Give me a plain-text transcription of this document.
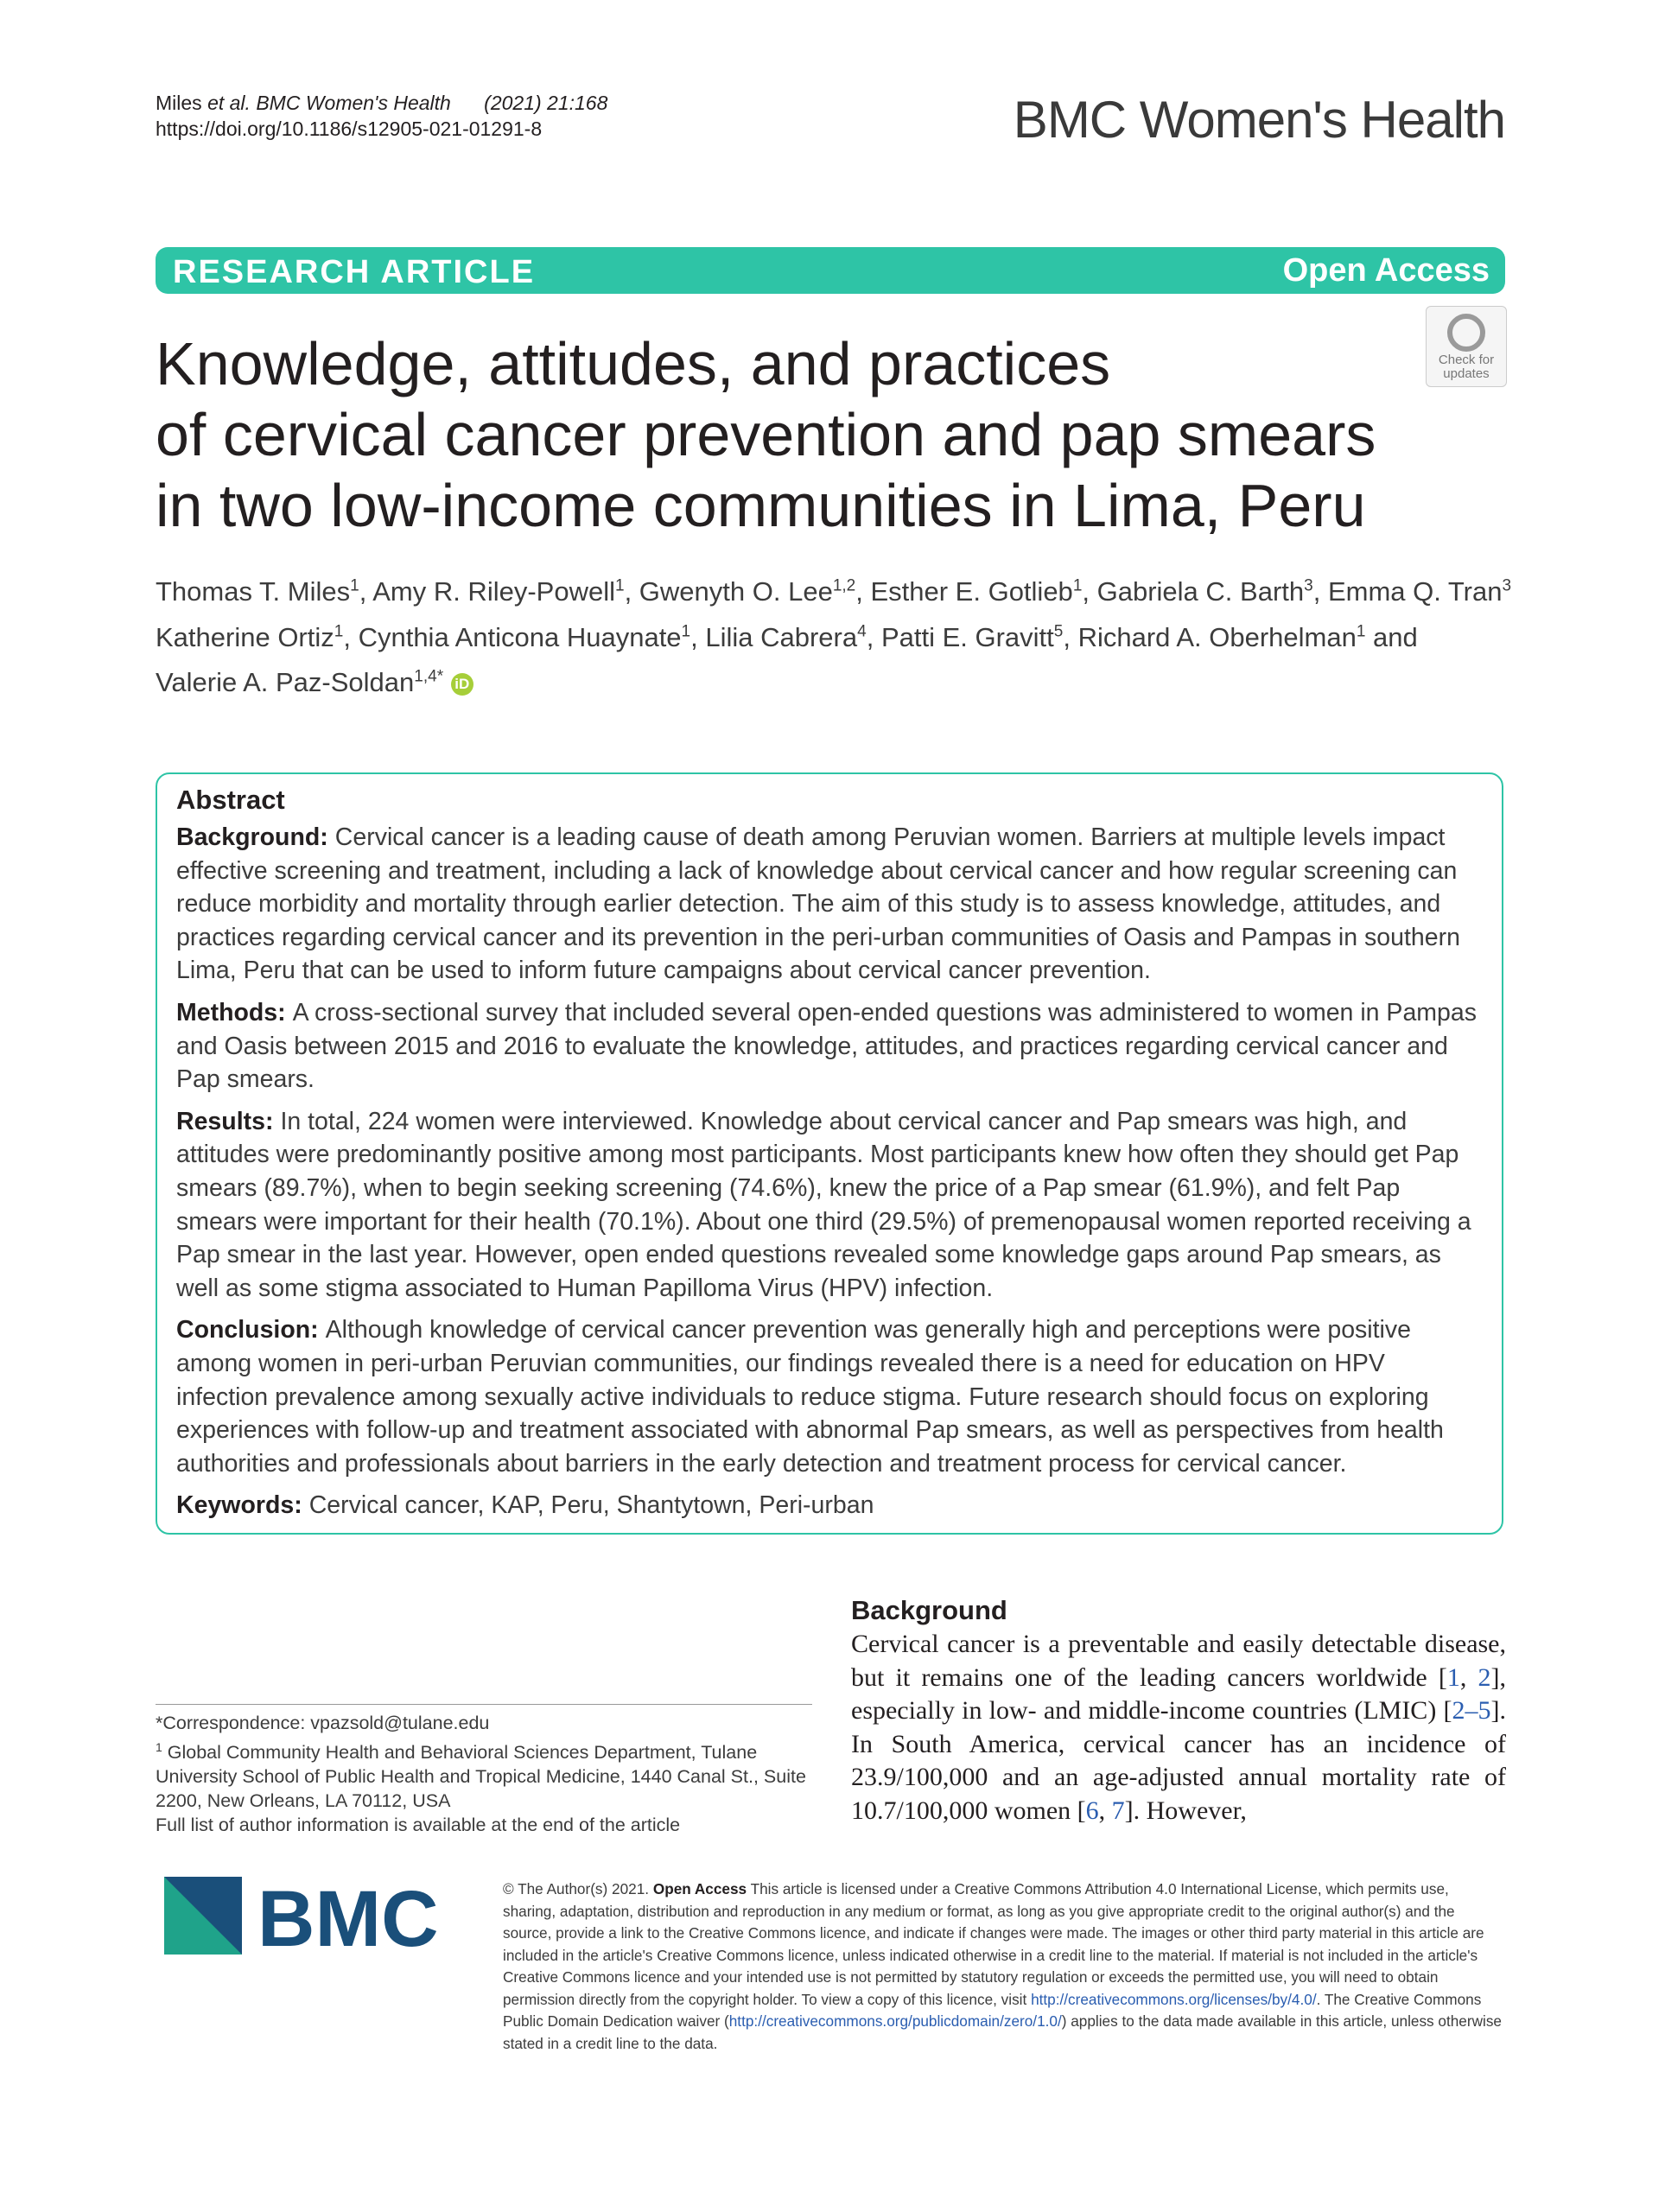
Miles et al. BMC Women's Health (2021) 21:168
https://doi.org/10.1186/s12905-021-01291-8	BMC Women's Health
RESEARCH ARTICLE	Open Access
Check for
updates
Knowledge, attitudes, and practices
of cervical cancer prevention and pap smears
in two low-income communities in Lima, Peru
Thomas T. Miles$^1$, Amy R. Riley-Powell$^1$, Gwenyth O. Lee$^{1,2}$, Esther E. Gotlieb$^1$, Gabriela C. Barth$^3$, Emma Q. Tran$^3$
Katherine Ortiz$^1$, Cynthia Anticona Huaynate$^1$, Lilia Cabrera$^4$, Patti E. Gravitt$^5$, Richard A. Oberhelman$^1$ and
Valerie A. Paz-Soldan$^{1,4*}$ iD
Abstract

Background: Cervical cancer is a leading cause of death among Peruvian women. Barriers at multiple levels impact effective screening and treatment, including a lack of knowledge about cervical cancer and how regular screening can reduce morbidity and mortality through earlier detection. The aim of this study is to assess knowledge, attitudes, and practices regarding cervical cancer and its prevention in the peri-urban communities of Oasis and Pampas in southern Lima, Peru that can be used to inform future campaigns about cervical cancer prevention.

Methods: A cross-sectional survey that included several open-ended questions was administered to women in Pampas and Oasis between 2015 and 2016 to evaluate the knowledge, attitudes, and practices regarding cervical cancer and Pap smears.

Results: In total, 224 women were interviewed. Knowledge about cervical cancer and Pap smears was high, and attitudes were predominantly positive among most participants. Most participants knew how often they should get Pap smears (89.7%), when to begin seeking screening (74.6%), knew the price of a Pap smear (61.9%), and felt Pap smears were important for their health (70.1%). About one third (29.5%) of premenopausal women reported receiving a Pap smear in the last year. However, open ended questions revealed some knowledge gaps around Pap smears, as well as some stigma associated to Human Papilloma Virus (HPV) infection.

Conclusion: Although knowledge of cervical cancer prevention was generally high and perceptions were positive among women in peri-urban Peruvian communities, our findings revealed there is a need for education on HPV infection prevalence among sexually active individuals to reduce stigma. Future research should focus on exploring experiences with follow-up and treatment associated with abnormal Pap smears, as well as perspectives from health authorities and professionals about barriers in the early detection and treatment process for cervical cancer.

Keywords: Cervical cancer, KAP, Peru, Shantytown, Peri-urban

Background
Cervical cancer is a preventable and easily detectable disease, but it remains one of the leading cancers worldwide [1, 2], especially in low- and middle-income countries (LMIC) [2–5]. In South America, cervical cancer has an incidence of 23.9/100,000 and an age-adjusted annual mortality rate of 10.7/100,000 women [6, 7]. However,
*Correspondence: vpazsold@tulane.edu
$^1$ Global Community Health and Behavioral Sciences Department, Tulane University School of Public Health and Tropical Medicine, 1440 Canal St., Suite 2200, New Orleans, LA 70112, USA
Full list of author information is available at the end of the article
BMC	© The Author(s) 2021. Open Access This article is licensed under a Creative Commons Attribution 4.0 International License, which permits use, sharing, adaptation, distribution and reproduction in any medium or format, as long as you give appropriate credit to the original author(s) and the source, provide a link to the Creative Commons licence, and indicate if changes were made. The images or other third party material in this article are included in the article's Creative Commons licence, unless indicated otherwise in a credit line to the material. If material is not included in the article's Creative Commons licence and your intended use is not permitted by statutory regulation or exceeds the permitted use, you will need to obtain permission directly from the copyright holder. To view a copy of this licence, visit http://creativecommons.org/licenses/by/4.0/. The Creative Commons Public Domain Dedication waiver (http://creativecommons.org/publicdomain/zero/1.0/) applies to the data made available in this article, unless otherwise stated in a credit line to the data.
